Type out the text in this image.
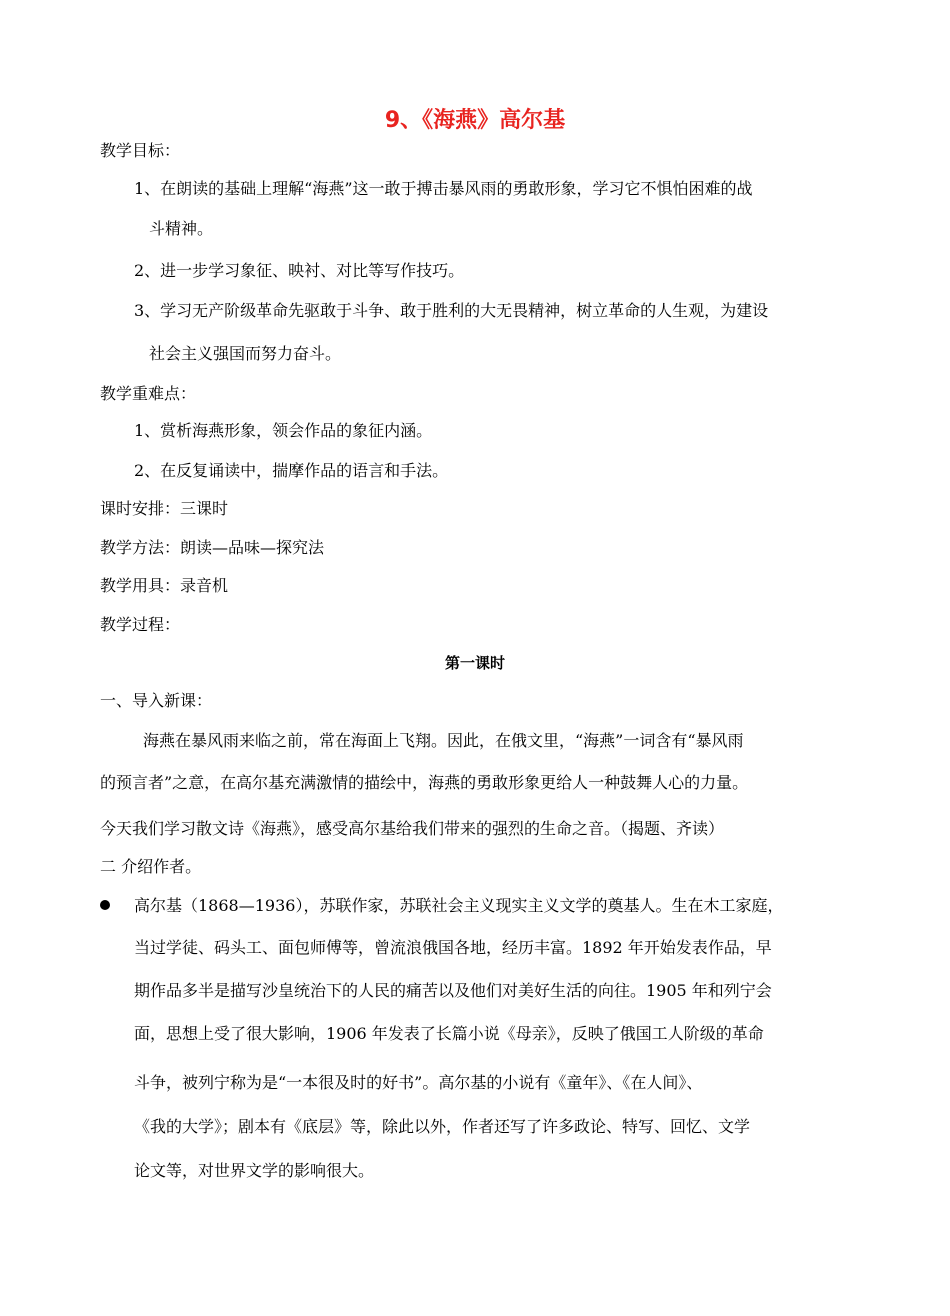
9、《海燕》高尔基
教学目标：
1、在朗读的基础上理解“海燕”这一敢于搏击暴风雨的勇敢形象，学习它不惧怕困难的战
斗精神。
2、进一步学习象征、映衬、对比等写作技巧。
3、学习无产阶级革命先驱敢于斗争、敢于胜利的大无畏精神，树立革命的人生观，为建设
社会主义强国而努力奋斗。
教学重难点：
1、赏析海燕形象，领会作品的象征内涵。
2、在反复诵读中，揣摩作品的语言和手法。
课时安排：三课时
教学方法：朗读—品味—探究法
教学用具：录音机
教学过程：
第一课时
一、导入新课：
海燕在暴风雨来临之前，常在海面上飞翔。因此，在俄文里，“海燕”一词含有“暴风雨
的预言者”之意，在高尔基充满激情的描绘中，海燕的勇敢形象更给人一种鼓舞人心的力量。
今天我们学习散文诗《海燕》，感受高尔基给我们带来的强烈的生命之音。（揭题、齐读）
二 介绍作者。
高尔基（1868—1936），苏联作家，苏联社会主义现实主义文学的奠基人。生在木工家庭，
当过学徒、码头工、面包师傅等，曾流浪俄国各地，经历丰富。1892 年开始发表作品，早
期作品多半是描写沙皇统治下的人民的痛苦以及他们对美好生活的向往。1905 年和列宁会
面，思想上受了很大影响，1906 年发表了长篇小说《母亲》，反映了俄国工人阶级的革命
斗争，被列宁称为是“一本很及时的好书”。高尔基的小说有《童年》、《在人间》、
《我的大学》；剧本有《底层》等，除此以外，作者还写了许多政论、特写、回忆、文学
论文等，对世界文学的影响很大。
